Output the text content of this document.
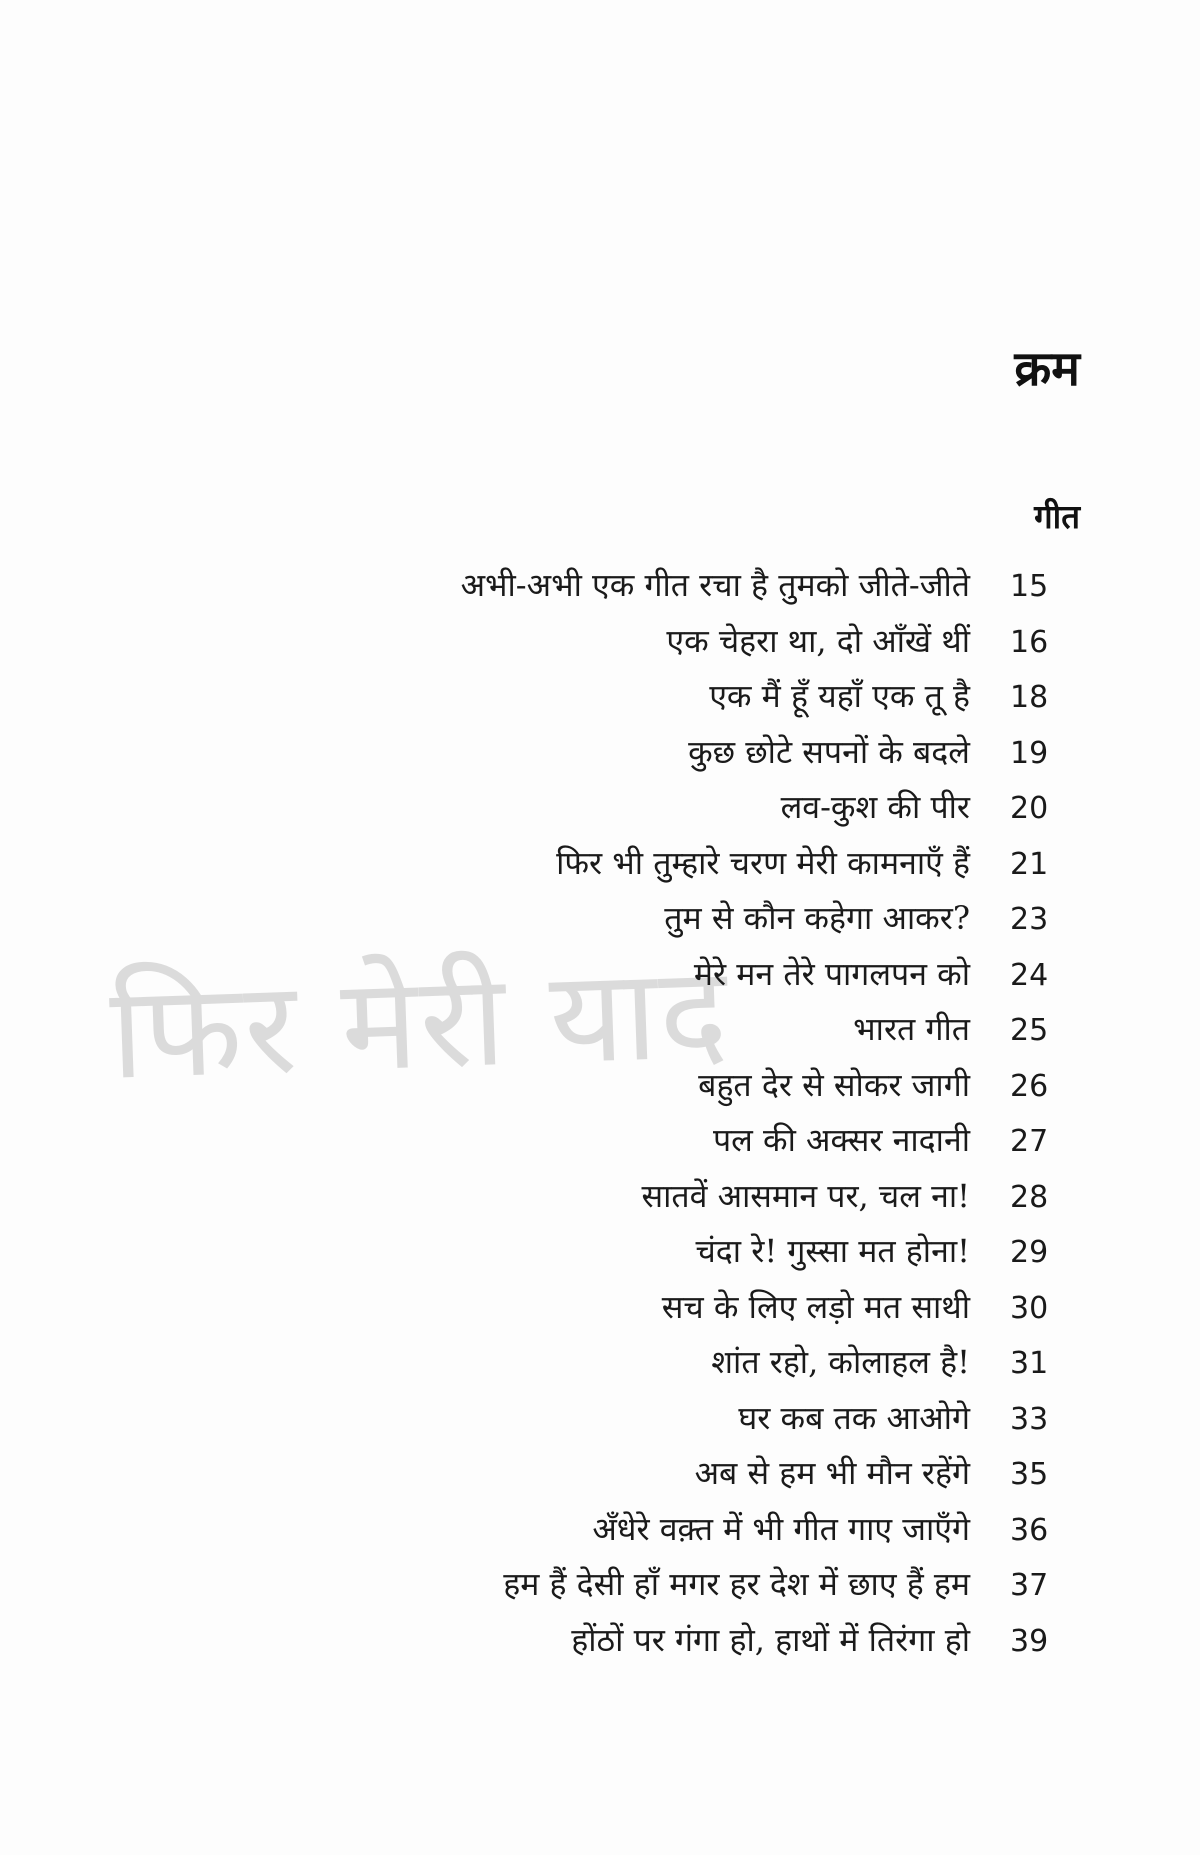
फिर मेरी याद
क्रम
गीत
अभी-अभी एक गीत रचा है तुमको जीते-जीते 15
एक चेहरा था, दो आँखें थीं 16
एक मैं हूँ यहाँ एक तू है 18
कुछ छोटे सपनों के बदले 19
लव-कुश की पीर 20
फिर भी तुम्हारे चरण मेरी कामनाएँ हैं 21
तुम से कौन कहेगा आकर? 23
मेरे मन तेरे पागलपन को 24
भारत गीत 25
बहुत देर से सोकर जागी 26
पल की अक्सर नादानी 27
सातवें आसमान पर, चल ना! 28
चंदा रे! गुस्सा मत होना! 29
सच के लिए लड़ो मत साथी 30
शांत रहो, कोलाहल है! 31
घर कब तक आओगे 33
अब से हम भी मौन रहेंगे 35
अँधेरे वक़्त में भी गीत गाए जाएँगे 36
हम हैं देसी हाँ मगर हर देश में छाए हैं हम 37
होंठों पर गंगा हो, हाथों में तिरंगा हो 39
